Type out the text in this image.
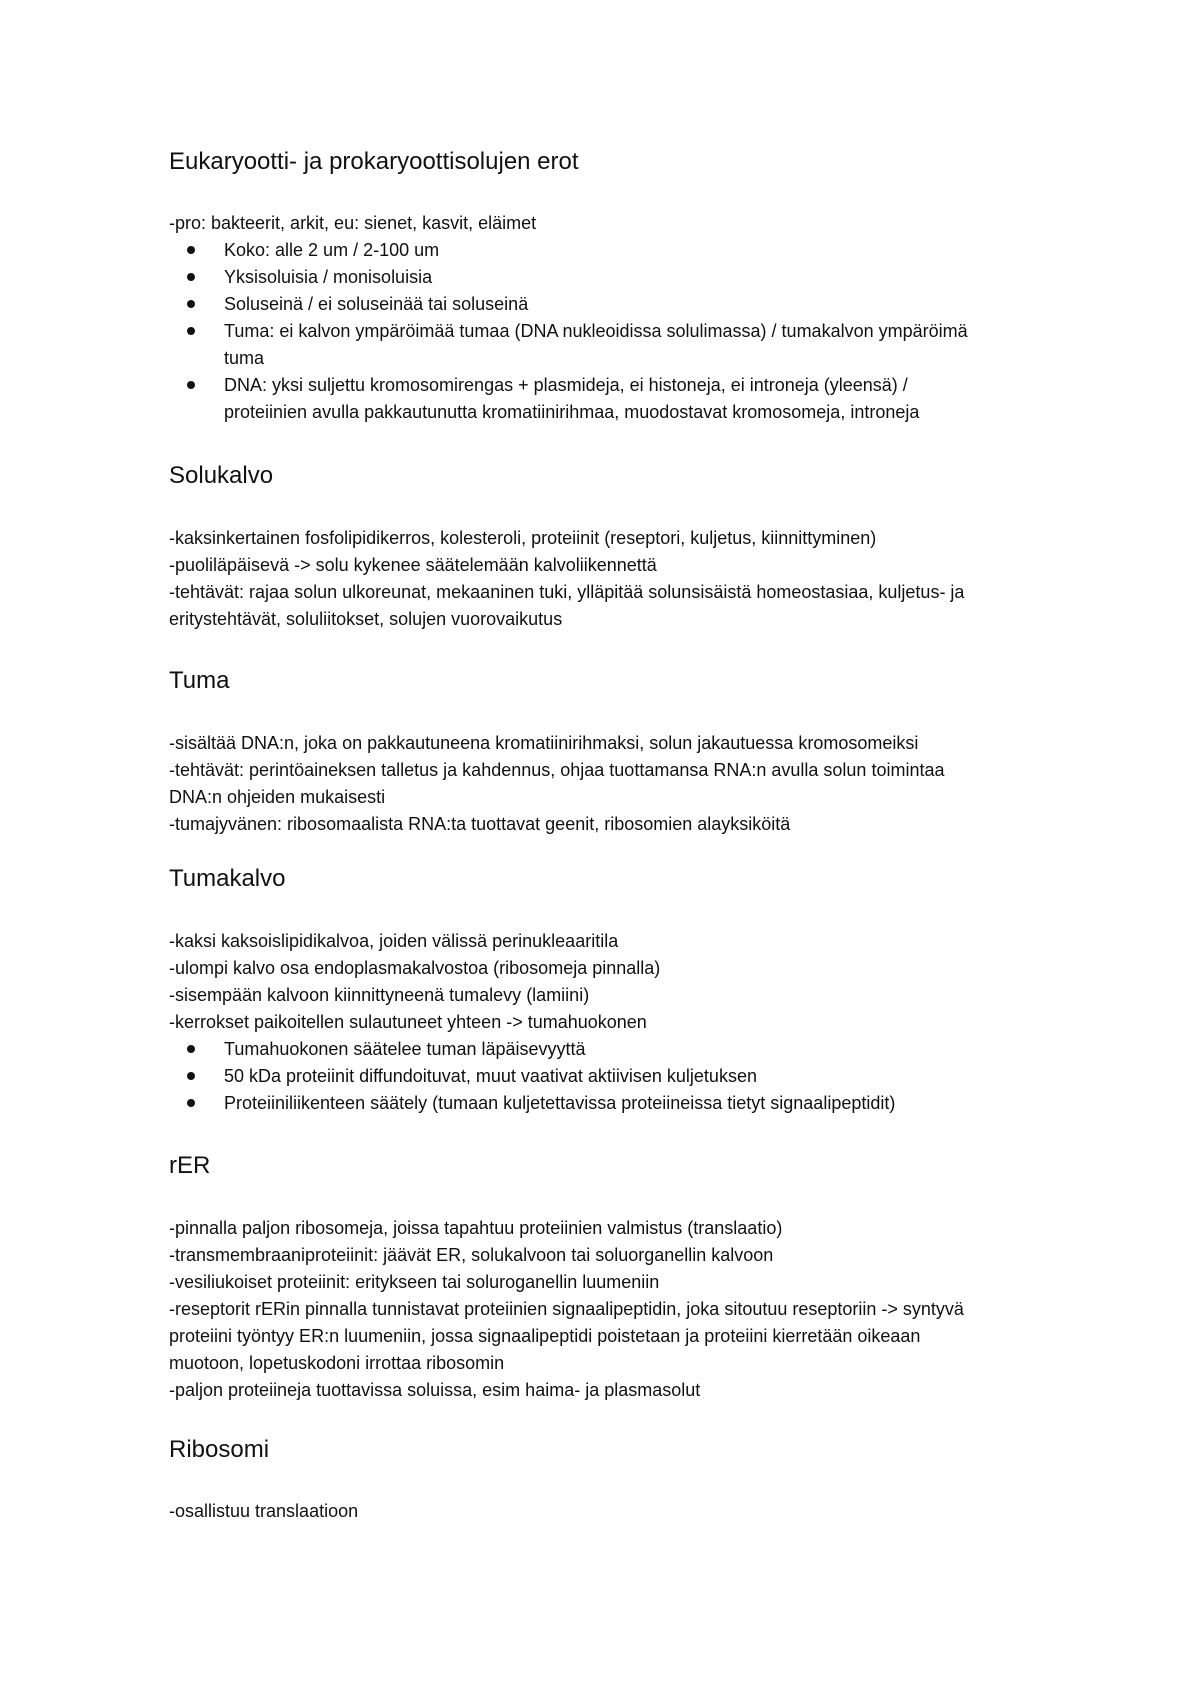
Eukaryootti- ja prokaryoottisolujen erot

-pro: bakteerit, arkit, eu: sienet, kasvit, eläimet

Koko: alle 2 um / 2-100 um

Yksisoluisia / monisoluisia

Soluseinä / ei soluseinää tai soluseinä

Tuma: ei kalvon ympäröimää tumaa (DNA nukleoidissa solulimassa) / tumakalvon ympäröimä

tuma

DNA: yksi suljettu kromosomirengas + plasmideja, ei histoneja, ei introneja (yleensä) /

proteiinien avulla pakkautunutta kromatiinirihmaa, muodostavat kromosomeja, introneja

Solukalvo

-kaksinkertainen fosfolipidikerros, kolesteroli, proteiinit (reseptori, kuljetus, kiinnittyminen)

-puoliläpäisevä -> solu kykenee säätelemään kalvoliikennettä

-tehtävät: rajaa solun ulkoreunat, mekaaninen tuki, ylläpitää solunsisäistä homeostasiaa, kuljetus- ja

eritystehtävät, soluliitokset, solujen vuorovaikutus

Tuma

-sisältää DNA:n, joka on pakkautuneena kromatiinirihmaksi, solun jakautuessa kromosomeiksi

-tehtävät: perintöaineksen talletus ja kahdennus, ohjaa tuottamansa RNA:n avulla solun toimintaa

DNA:n ohjeiden mukaisesti

-tumajyvänen: ribosomaalista RNA:ta tuottavat geenit, ribosomien alayksiköitä

Tumakalvo

-kaksi kaksoislipidikalvoa, joiden välissä perinukleaaritila

-ulompi kalvo osa endoplasmakalvostoa (ribosomeja pinnalla)

-sisempään kalvoon kiinnittyneenä tumalevy (lamiini)

-kerrokset paikoitellen sulautuneet yhteen -> tumahuokonen

Tumahuokonen säätelee tuman läpäisevyyttä

50 kDa proteiinit diffundoituvat, muut vaativat aktiivisen kuljetuksen

Proteiiniliikenteen säätely (tumaan kuljetettavissa proteiineissa tietyt signaalipeptidit)

rER

-pinnalla paljon ribosomeja, joissa tapahtuu proteiinien valmistus (translaatio)

-transmembraaniproteiinit: jäävät ER, solukalvoon tai soluorganellin kalvoon

-vesiliukoiset proteiinit: eritykseen tai soluroganellin luumeniin

-reseptorit rERin pinnalla tunnistavat proteiinien signaalipeptidin, joka sitoutuu reseptoriin -> syntyvä

proteiini työntyy ER:n luumeniin, jossa signaalipeptidi poistetaan ja proteiini kierretään oikeaan

muotoon, lopetuskodoni irrottaa ribosomin

-paljon proteiineja tuottavissa soluissa, esim haima- ja plasmasolut

Ribosomi

-osallistuu translaatioon
